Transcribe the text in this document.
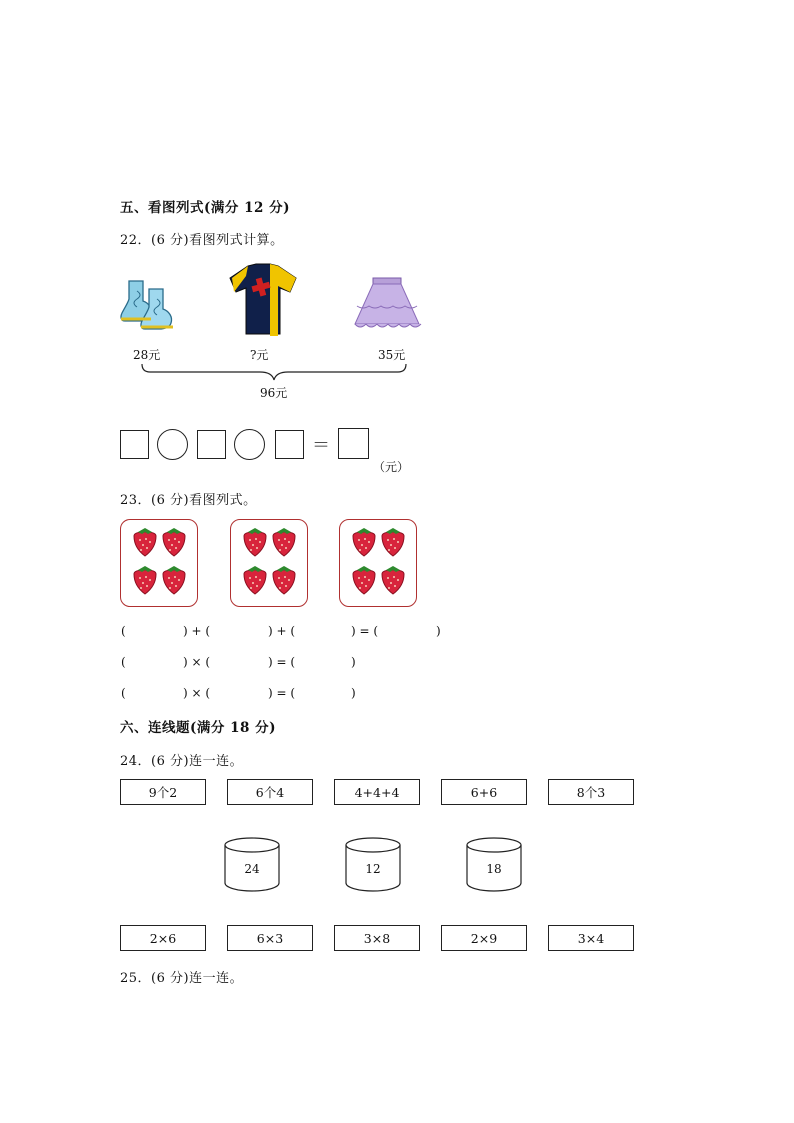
五、看图列式(满分 12 分)
22．(6 分)看图列式计算。
28元	?元	35元
96元
＝
（元）
23．(6 分)看图列式。

(

	) + (

	) + (

	) = (

	)

(

	) × (

	) = (

	)

(

	) × (

	) = (

	)

六、连线题(满分 18 分)
24．(6 分)连一连。
9个2	6个4	4+4+4	6+6	8个3
24	12	18
2×6	6×3	3×8	2×9	3×4
25．(6 分)连一连。
